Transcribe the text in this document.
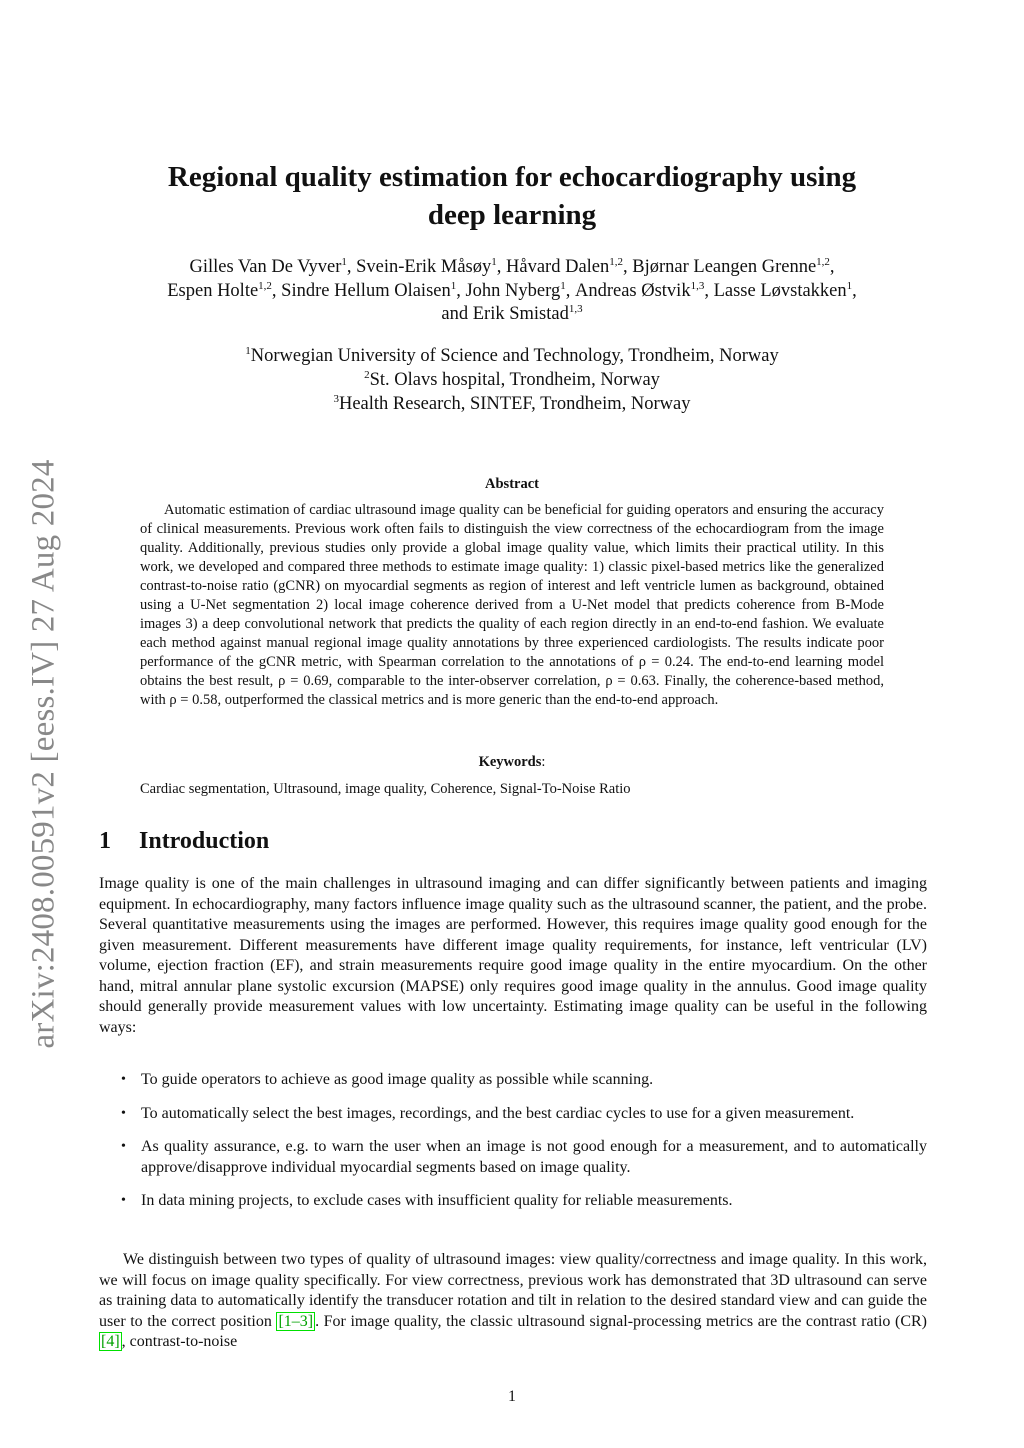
arXiv:2408.00591v2 [eess.IV] 27 Aug 2024
Regional quality estimation for echocardiography using
deep learning
Gilles Van De Vyver$^1$, Svein-Erik Måsøy$^1$, Håvard Dalen$^{1,2}$, Bjørnar Leangen Grenne$^{1,2}$,
Espen Holte$^{1,2}$, Sindre Hellum Olaisen$^1$, John Nyberg$^1$, Andreas Østvik$^{1,3}$, Lasse Løvstakken$^1$,
and Erik Smistad$^{1,3}$
$^1$Norwegian University of Science and Technology, Trondheim, Norway
$^2$St. Olavs hospital, Trondheim, Norway
$^3$Health Research, SINTEF, Trondheim, Norway
Abstract
Automatic estimation of cardiac ultrasound image quality can be beneficial for guiding operators and ensuring the accuracy of clinical measurements. Previous work often fails to distinguish the view correctness of the echocardiogram from the image quality. Additionally, previous studies only provide a global image quality value, which limits their practical utility. In this work, we developed and compared three methods to estimate image quality: 1) classic pixel-based metrics like the generalized contrast-to-noise ratio (gCNR) on myocardial segments as region of interest and left ventricle lumen as background, obtained using a U-Net segmentation 2) local image coherence derived from a U-Net model that predicts coherence from B-Mode images 3) a deep convolutional network that predicts the quality of each region directly in an end-to-end fashion. We evaluate each method against manual regional image quality annotations by three experienced cardiologists. The results indicate poor performance of the gCNR metric, with Spearman correlation to the annotations of ρ = 0.24. The end-to-end learning model obtains the best result, ρ = 0.69, comparable to the inter-observer correlation, ρ = 0.63. Finally, the coherence-based method, with ρ = 0.58, outperformed the classical metrics and is more generic than the end-to-end approach.
Keywords:
Cardiac segmentation, Ultrasound, image quality, Coherence, Signal-To-Noise Ratio
1 Introduction
Image quality is one of the main challenges in ultrasound imaging and can differ significantly between patients and imaging equipment. In echocardiography, many factors influence image quality such as the ultrasound scanner, the patient, and the probe. Several quantitative measurements using the images are performed. However, this requires image quality good enough for the given measurement. Different measurements have different image quality requirements, for instance, left ventricular (LV) volume, ejection fraction (EF), and strain measurements require good image quality in the entire myocardium. On the other hand, mitral annular plane systolic excursion (MAPSE) only requires good image quality in the annulus. Good image quality should generally provide measurement values with low uncertainty. Estimating image quality can be useful in the following ways:
• To guide operators to achieve as good image quality as possible while scanning.
• To automatically select the best images, recordings, and the best cardiac cycles to use for a given measurement.
• As quality assurance, e.g. to warn the user when an image is not good enough for a measurement, and to automatically approve/disapprove individual myocardial segments based on image quality.
• In data mining projects, to exclude cases with insufficient quality for reliable measurements.
We distinguish between two types of quality of ultrasound images: view quality/correctness and image quality. In this work, we will focus on image quality specifically. For view correctness, previous work has demonstrated that 3D ultrasound can serve as training data to automatically identify the transducer rotation and tilt in relation to the desired standard view and can guide the user to the correct position [1–3] . For image quality, the classic ultrasound signal-processing metrics are the contrast ratio (CR) [4] , contrast-to-noise
1
